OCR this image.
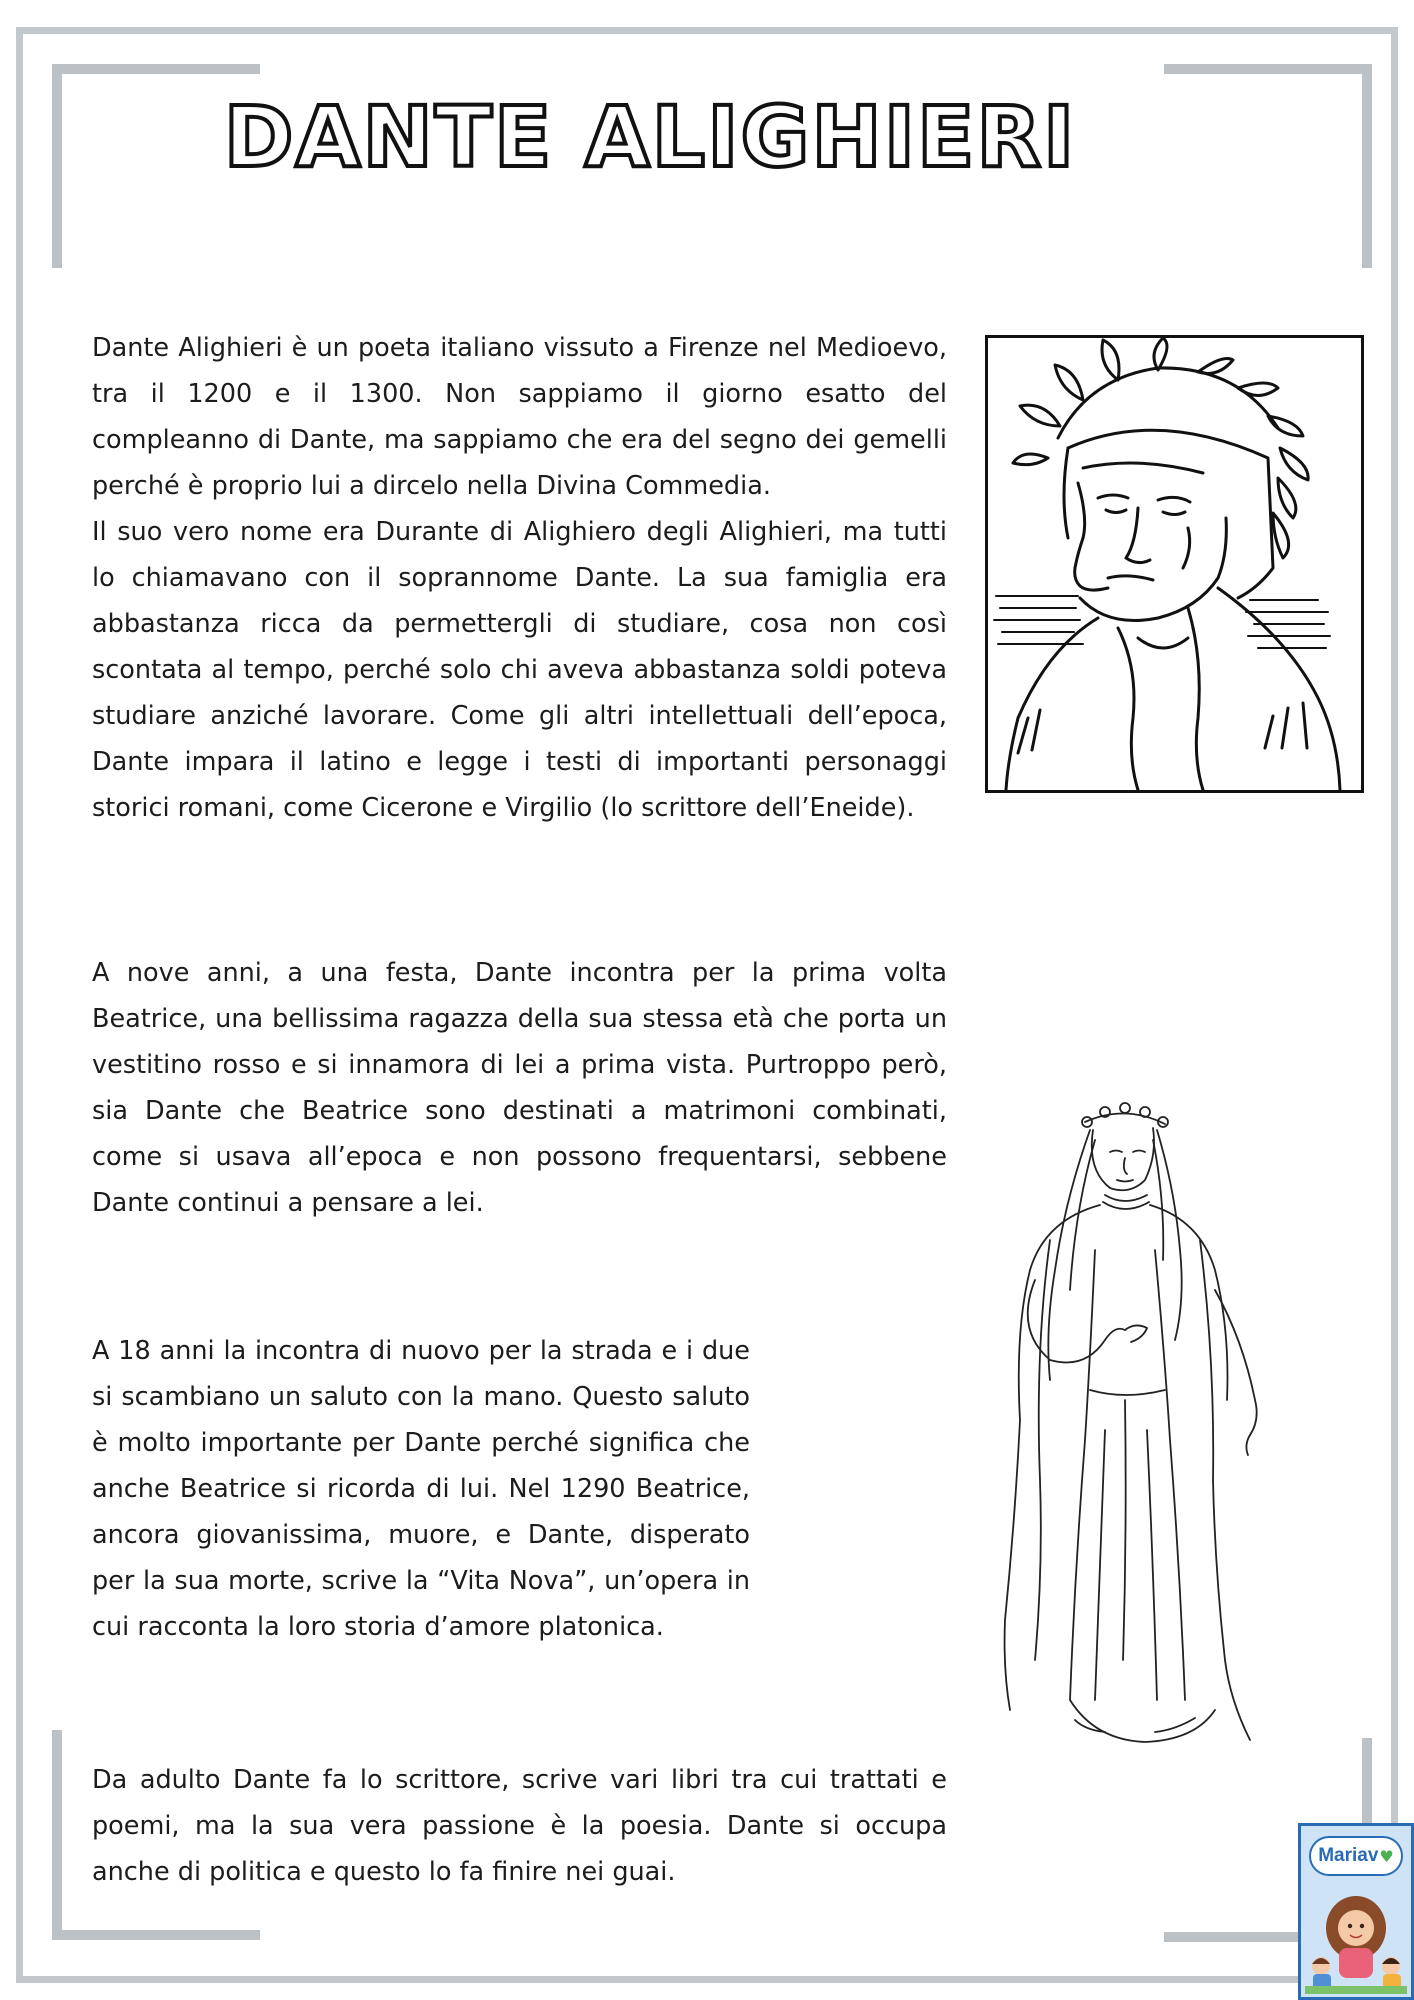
DANTE ALIGHIERI

Dante Alighieri è un poeta italiano vissuto a Firenze nel Medioevo, tra il 1200 e il 1300. Non sappiamo il giorno esatto del compleanno di Dante, ma sappiamo che era del segno dei gemelli perché è proprio lui a dircelo nella Divina Commedia.
Il suo vero nome era Durante di Alighiero degli Alighieri, ma tutti lo chiamavano con il soprannome Dante. La sua famiglia era abbastanza ricca da permettergli di studiare, cosa non così scontata al tempo, perché solo chi aveva abbastanza soldi poteva studiare anziché lavorare. Come gli altri intellettuali dell’epoca, Dante impara il latino e legge i testi di importanti personaggi storici romani, come Cicerone e Virgilio (lo scrittore dell’Eneide).

A nove anni, a una festa, Dante incontra per la prima volta Beatrice, una bellissima ragazza della sua stessa età che porta un vestitino rosso e si innamora di lei a prima vista. Purtroppo però, sia Dante che Beatrice sono destinati a matrimoni combinati, come si usava all’epoca e non possono frequentarsi, sebbene Dante continui a pensare a lei.

A 18 anni la incontra di nuovo per la strada e i due si scambiano un saluto con la mano. Questo saluto è molto importante per Dante perché significa che anche Beatrice si ricorda di lui. Nel 1290 Beatrice, ancora giovanissima, muore, e Dante, disperato per la sua morte, scrive la “Vita Nova”, un’opera in cui racconta la loro storia d’amore platonica.

Da adulto Dante fa lo scrittore, scrive vari libri tra cui trattati e poemi, ma la sua vera passione è la poesia. Dante si occupa anche di politica e questo lo fa finire nei guai.

Mariav ♥
